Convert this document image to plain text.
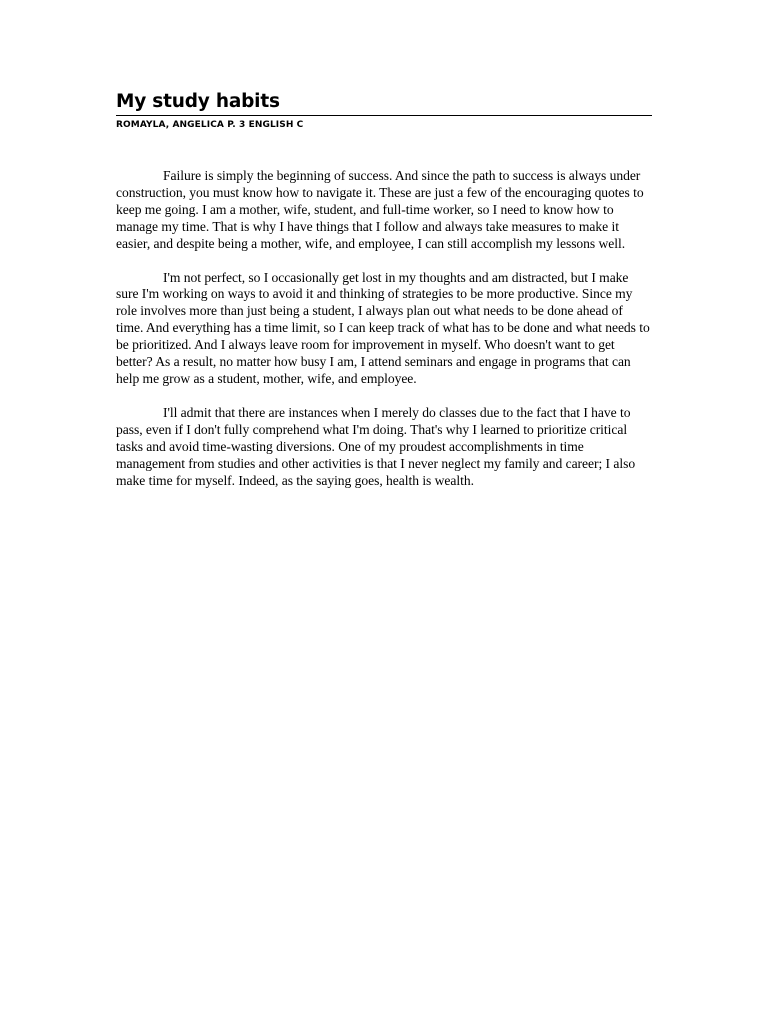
My study habits
ROMAYLA, ANGELICA P. 3 ENGLISH C

Failure is simply the beginning of success. And since the path to success is always under construction, you must know how to navigate it. These are just a few of the encouraging quotes to keep me going. I am a mother, wife, student, and full-time worker, so I need to know how to manage my time. That is why I have things that I follow and always take measures to make it easier, and despite being a mother, wife, and employee, I can still accomplish my lessons well.

I'm not perfect, so I occasionally get lost in my thoughts and am distracted, but I make sure I'm working on ways to avoid it and thinking of strategies to be more productive. Since my role involves more than just being a student, I always plan out what needs to be done ahead of time. And everything has a time limit, so I can keep track of what has to be done and what needs to be prioritized. And I always leave room for improvement in myself. Who doesn't want to get better? As a result, no matter how busy I am, I attend seminars and engage in programs that can help me grow as a student, mother, wife, and employee.

I'll admit that there are instances when I merely do classes due to the fact that I have to pass, even if I don't fully comprehend what I'm doing. That's why I learned to prioritize critical tasks and avoid time-wasting diversions. One of my proudest accomplishments in time management from studies and other activities is that I never neglect my family and career; I also make time for myself. Indeed, as the saying goes, health is wealth.
